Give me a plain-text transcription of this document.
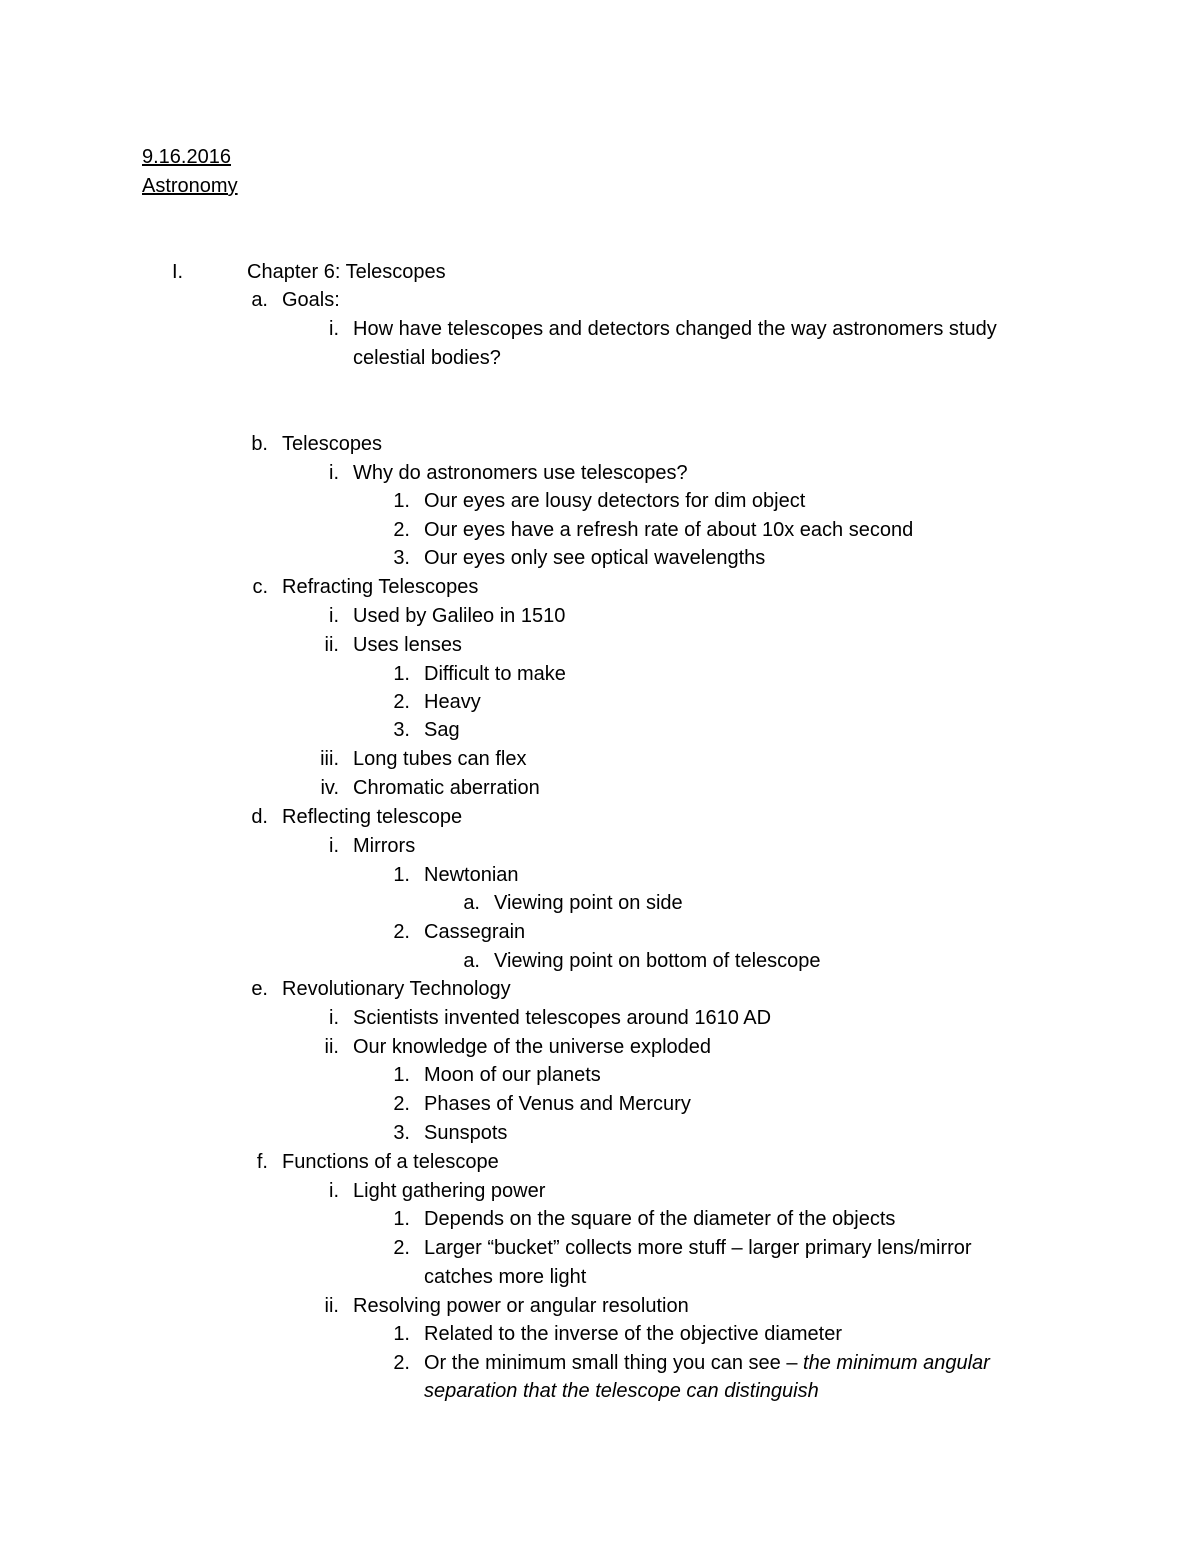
9.16.2016
Astronomy
I.	Chapter 6: Telescopes
a. Goals:
i. How have telescopes and detectors changed the way astronomers study
celestial bodies?
b. Telescopes
i. Why do astronomers use telescopes?
1. Our eyes are lousy detectors for dim object
2. Our eyes have a refresh rate of about 10x each second
3. Our eyes only see optical wavelengths
c. Refracting Telescopes
i. Used by Galileo in 1510
ii. Uses lenses
1. Difficult to make
2. Heavy
3. Sag
iii. Long tubes can flex
iv. Chromatic aberration
d. Reflecting telescope
i. Mirrors
1. Newtonian
a. Viewing point on side
2. Cassegrain
a. Viewing point on bottom of telescope
e. Revolutionary Technology
i. Scientists invented telescopes around 1610 AD
ii. Our knowledge of the universe exploded
1. Moon of our planets
2. Phases of Venus and Mercury
3. Sunspots
f. Functions of a telescope
i. Light gathering power
1. Depends on the square of the diameter of the objects
2. Larger “bucket” collects more stuff – larger primary lens/mirror
catches more light
ii. Resolving power or angular resolution
1. Related to the inverse of the objective diameter
2. Or the minimum small thing you can see – the minimum angular
separation that the telescope can distinguish
